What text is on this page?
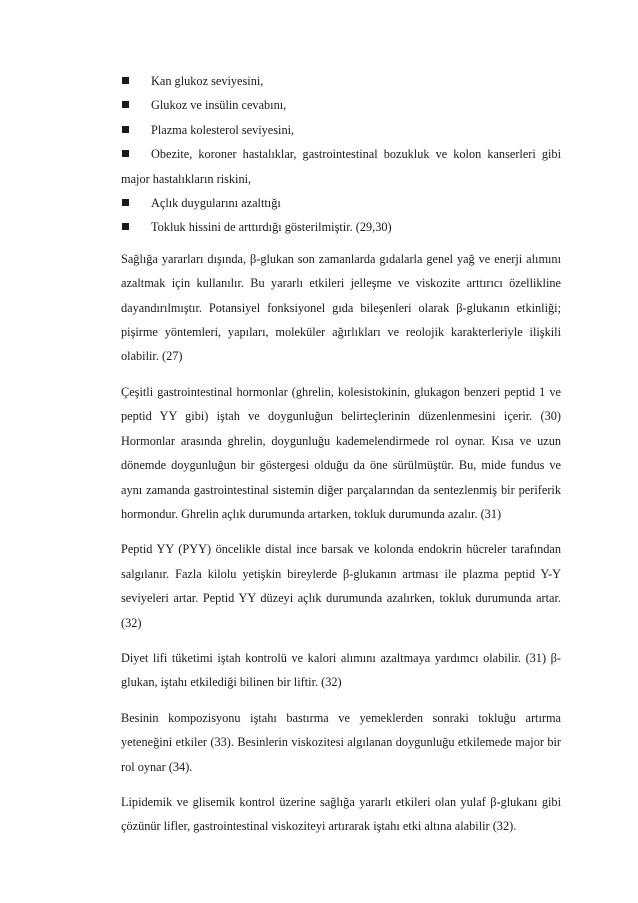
Kan glukoz seviyesini,
Glukoz ve insülin cevabını,
Plazma kolesterol seviyesini,
Obezite, koroner hastalıklar, gastrointestinal bozukluk ve kolon kanserleri gibi major hastalıkların riskini,
Açlık duygularını azalttığı
Tokluk hissini de arttırdığı gösterilmiştir. (29,30)

Sağlığa yararları dışında, β-glukan son zamanlarda gıdalarla genel yağ ve enerji alımını azaltmak için kullanılır. Bu yararlı etkileri jelleşme ve viskozite arttırıcı özellikline dayandırılmıştır. Potansiyel fonksiyonel gıda bileşenleri olarak β-glukanın etkinliği; pişirme yöntemleri, yapıları, moleküler ağırlıkları ve reolojik karakterleriyle ilişkili olabilir. (27)

Çeşitli gastrointestinal hormonlar (ghrelin, kolesistokinin, glukagon benzeri peptid 1 ve peptid YY gibi) iştah ve doygunluğun belirteçlerinin düzenlenmesini içerir. (30) Hormonlar arasında ghrelin, doygunluğu kademelendirmede rol oynar. Kısa ve uzun dönemde doygunluğun bir göstergesi olduğu da öne sürülmüştür. Bu, mide fundus ve aynı zamanda gastrointestinal sistemin diğer parçalarından da sentezlenmiş bir periferik hormondur. Ghrelin açlık durumunda artarken, tokluk durumunda azalır. (31)

Peptid YY (PYY) öncelikle distal ince barsak ve kolonda endokrin hücreler tarafından salgılanır. Fazla kilolu yetişkin bireylerde β-glukanın artması ile plazma peptid Y-Y seviyeleri artar. Peptid YY düzeyi açlık durumunda azalırken, tokluk durumunda artar. (32)

Diyet lifi tüketimi iştah kontrolü ve kalori alımını azaltmaya yardımcı olabilir. (31) β-glukan, iştahı etkilediği bilinen bir liftir. (32)

Besinin kompozisyonu iştahı bastırma ve yemeklerden sonraki tokluğu artırma yeteneğini etkiler (33). Besinlerin viskozitesi algılanan doygunluğu etkilemede major bir rol oynar (34).

Lipidemik ve glisemik kontrol üzerine sağlığa yararlı etkileri olan yulaf β-glukanı gibi çözünür lifler, gastrointestinal viskoziteyi artırarak iştahı etki altına alabilir (32).
